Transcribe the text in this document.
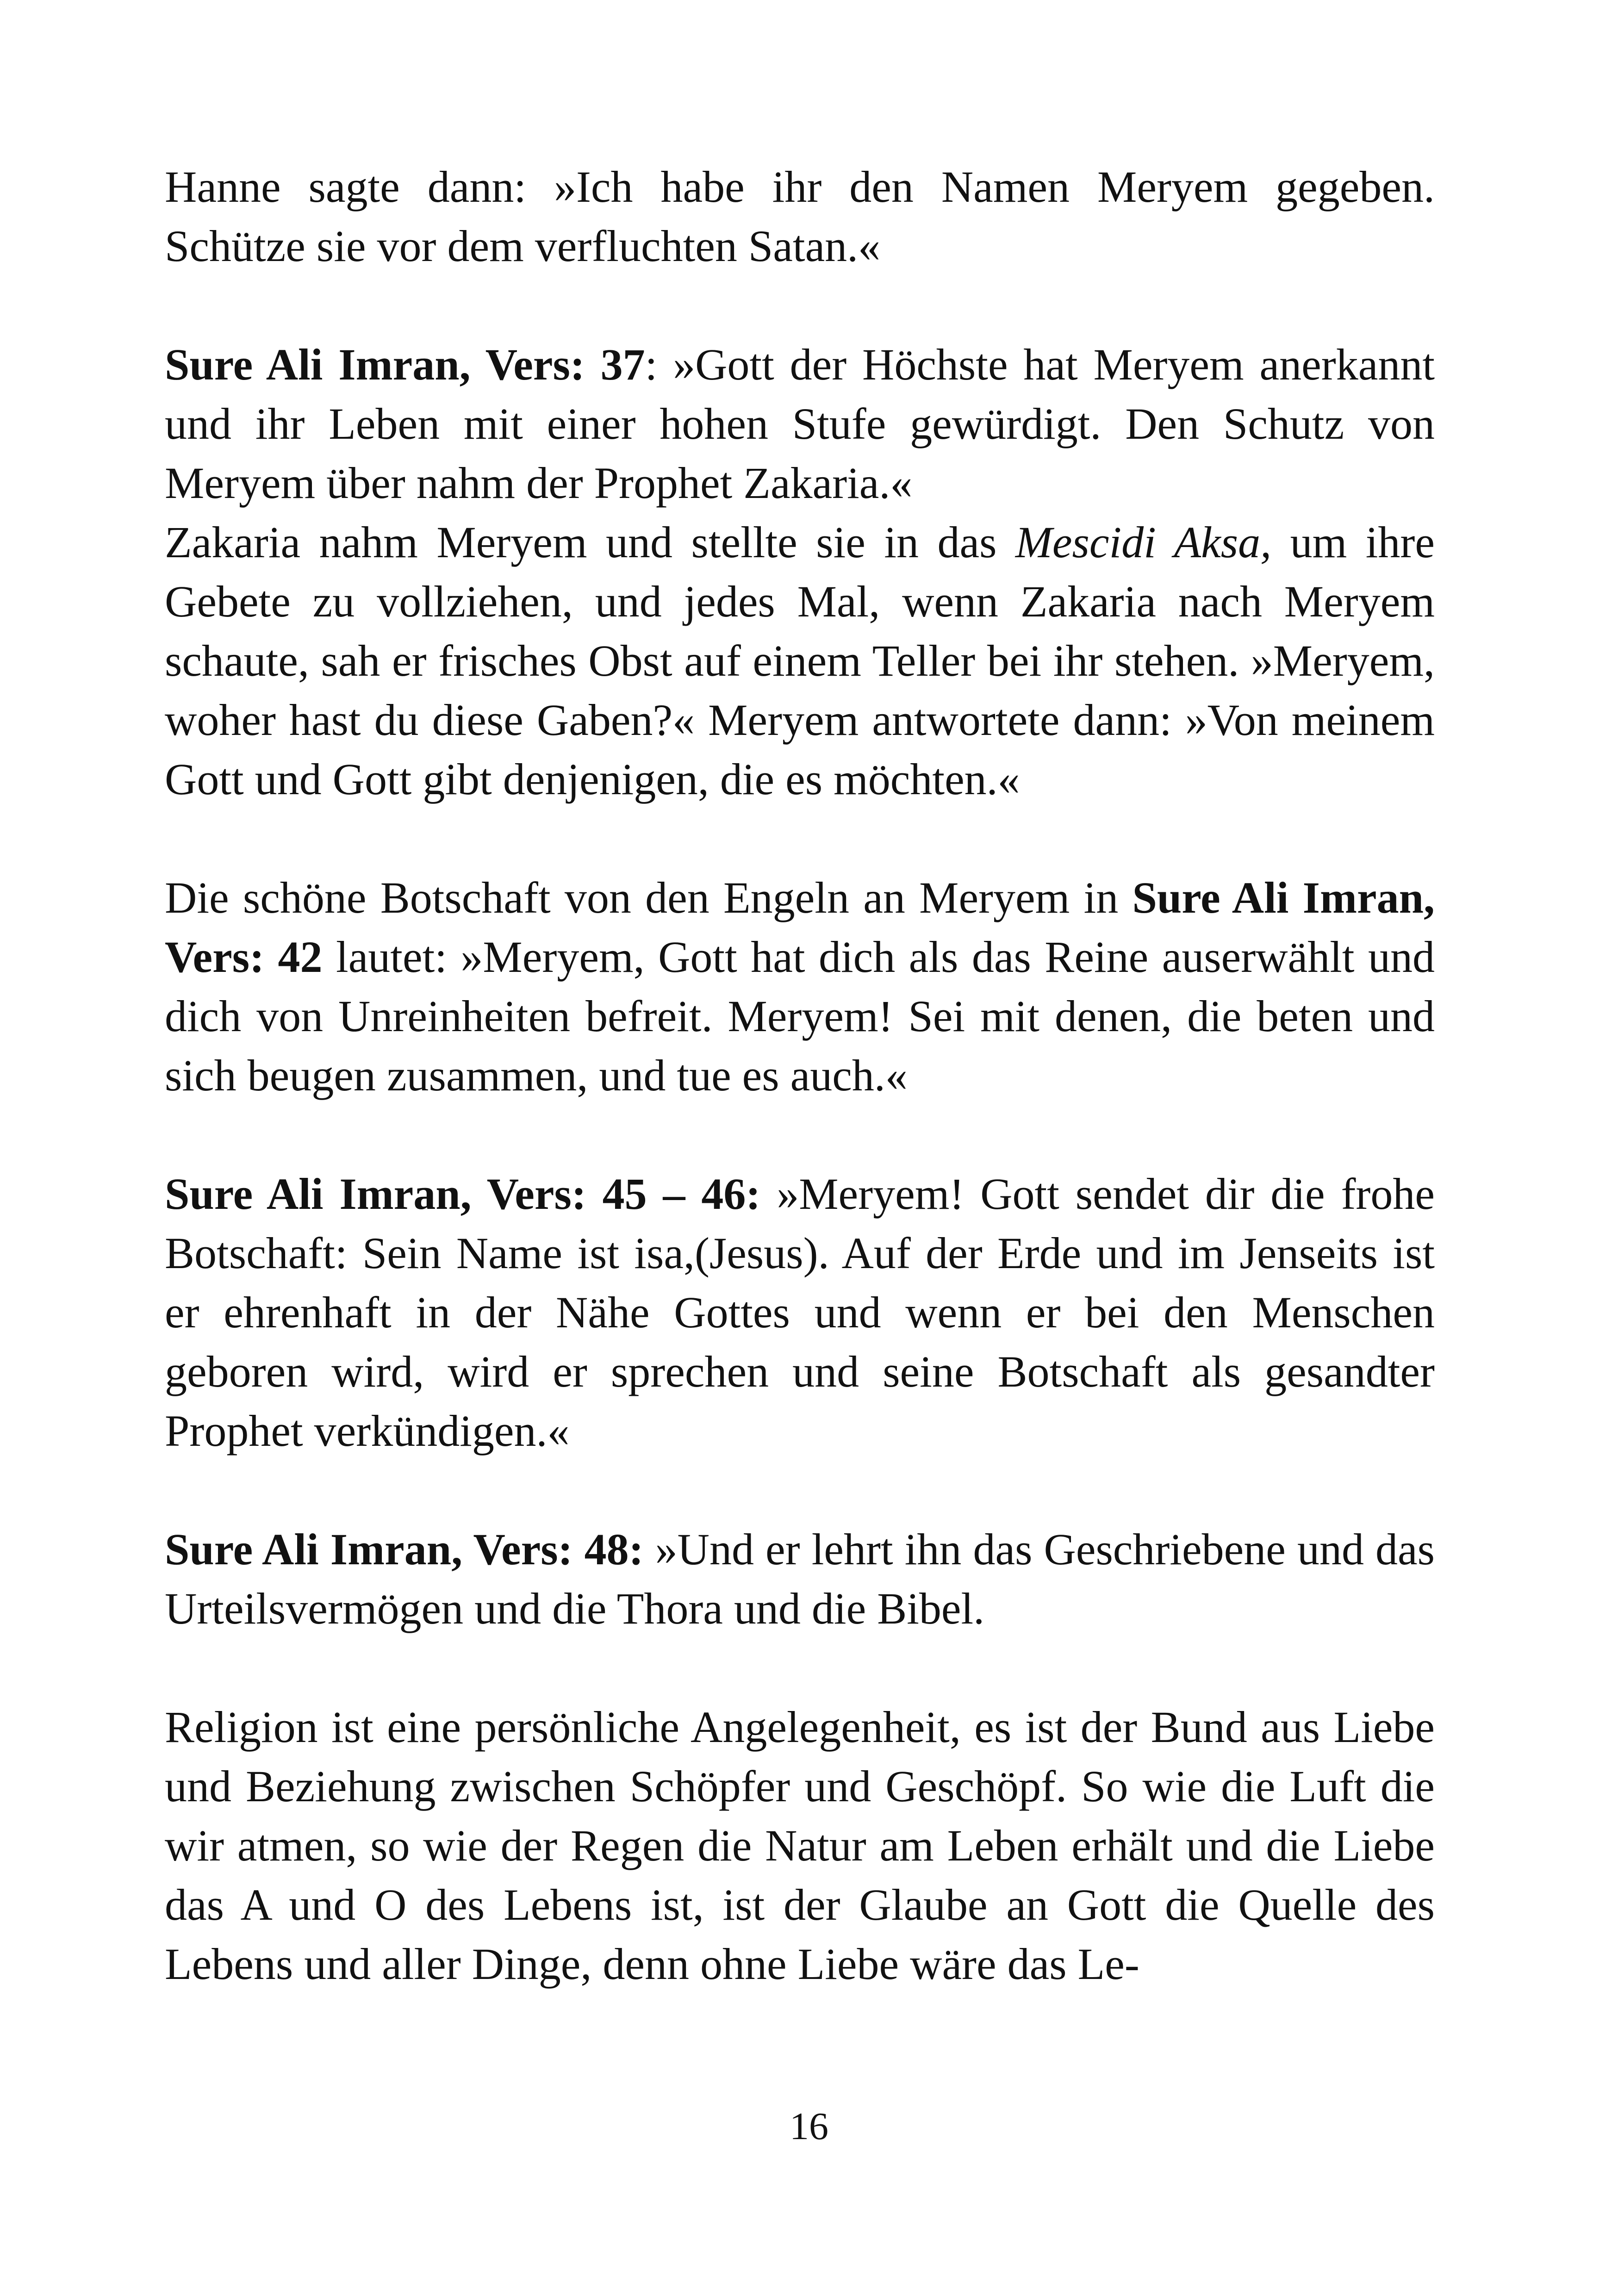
Hanne sagte dann: »Ich habe ihr den Namen Meryem gegeben. Schütze sie vor dem verfluchten Satan.«

Sure Ali Imran, Vers: 37: »Gott der Höchste hat Meryem anerkannt und ihr Leben mit einer hohen Stufe gewürdigt. Den Schutz von Meryem über nahm der Prophet Zakaria.«

Zakaria nahm Meryem und stellte sie in das Mescidi Aksa, um ihre Gebete zu vollziehen, und jedes Mal, wenn Zakaria nach Meryem schaute, sah er frisches Obst auf einem Teller bei ihr stehen. »Meryem, woher hast du diese Gaben?« Meryem antwortete dann: »Von meinem Gott und Gott gibt denjenigen, die es möchten.«

Die schöne Botschaft von den Engeln an Meryem in Sure Ali Imran, Vers: 42 lautet: »Meryem, Gott hat dich als das Reine auserwählt und dich von Unreinheiten befreit. Meryem! Sei mit denen, die beten und sich beugen zusammen, und tue es auch.«

Sure Ali Imran, Vers: 45 – 46: »Meryem! Gott sendet dir die frohe Botschaft: Sein Name ist isa,(Jesus). Auf der Erde und im Jenseits ist er ehrenhaft in der Nähe Gottes und wenn er bei den Menschen geboren wird, wird er sprechen und seine Botschaft als gesandter Prophet verkündigen.«

Sure Ali Imran, Vers: 48: »Und er lehrt ihn das Geschriebene und das Urteilsvermögen und die Thora und die Bibel.

Religion ist eine persönliche Angelegenheit, es ist der Bund aus Liebe und Beziehung zwischen Schöpfer und Geschöpf. So wie die Luft die wir atmen, so wie der Regen die Natur am Leben erhält und die Liebe das A und O des Lebens ist, ist der Glaube an Gott die Quelle des Lebens und aller Dinge, denn ohne Liebe wäre das Le-

16
